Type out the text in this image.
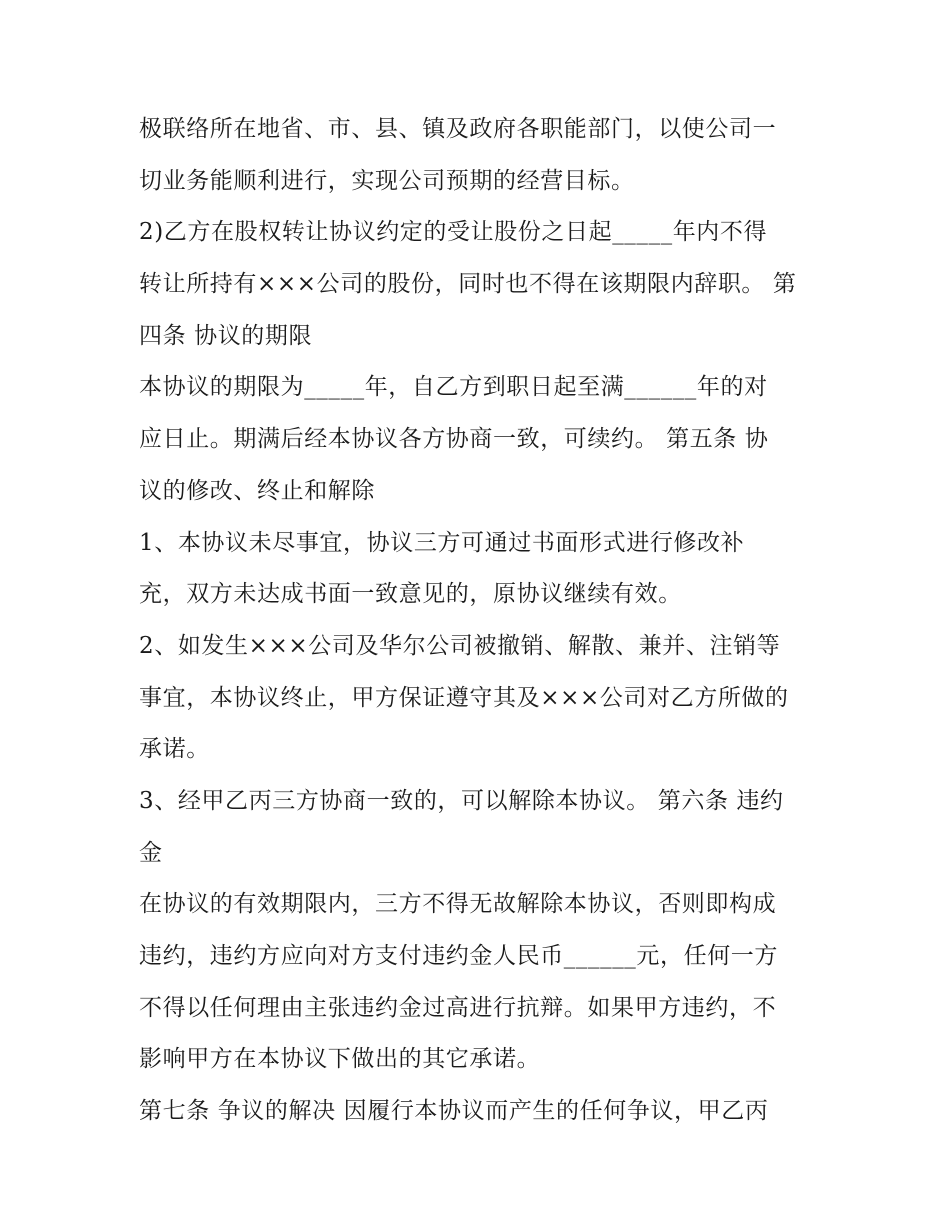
极联络所在地省、市、县、镇及政府各职能部门，以使公司一
切业务能顺利进行，实现公司预期的经营目标。
2)乙方在股权转让协议约定的受让股份之日起_____年内不得
转让所持有×××公司的股份，同时也不得在该期限内辞职。 第
四条 协议的期限
本协议的期限为_____年，自乙方到职日起至满______年的对
应日止。期满后经本协议各方协商一致，可续约。 第五条 协
议的修改、终止和解除
1、本协议未尽事宜，协议三方可通过书面形式进行修改补
充，双方未达成书面一致意见的，原协议继续有效。
2、如发生×××公司及华尔公司被撤销、解散、兼并、注销等
事宜，本协议终止，甲方保证遵守其及×××公司对乙方所做的
承诺。
3、经甲乙丙三方协商一致的，可以解除本协议。 第六条 违约
金
在协议的有效期限内，三方不得无故解除本协议，否则即构成
违约，违约方应向对方支付违约金人民币______元，任何一方
不得以任何理由主张违约金过高进行抗辩。如果甲方违约，不
影响甲方在本协议下做出的其它承诺。
第七条 争议的解决 因履行本协议而产生的任何争议，甲乙丙
